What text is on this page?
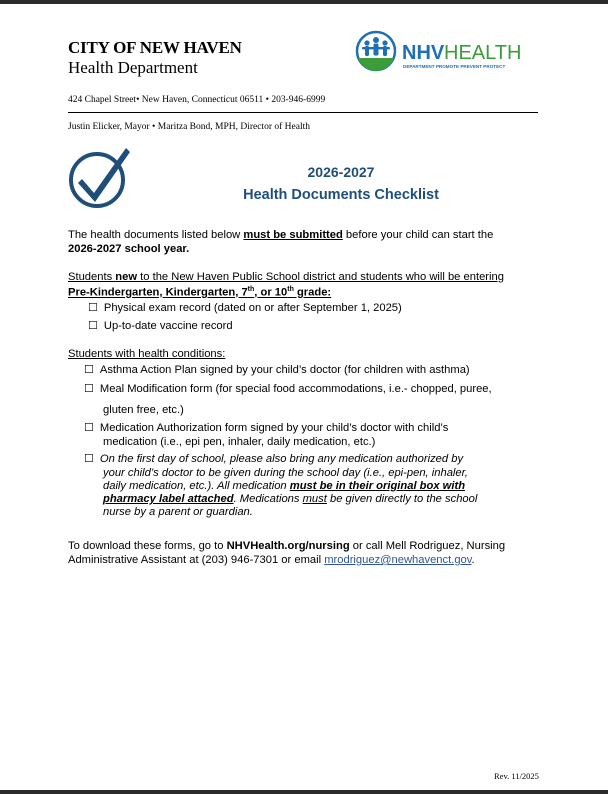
CITY OF NEW HAVEN
Health Department
NHV HEALTH
DEPARTMENT PROMOTE PREVENT PROTECT
424 Chapel Street• New Haven, Connecticut 06511 • 203-946-6999
Justin Elicker, Mayor • Maritza Bond, MPH, Director of Health
2026-2027
Health Documents Checklist
The health documents listed below must be submitted before your child can start the
2026-2027 school year.
Students new to the New Haven Public School district and students who will be entering
Pre-Kindergarten, Kindergarten, 7th, or 10th grade:
☐ Physical exam record (dated on or after September 1, 2025)
☐ Up-to-date vaccine record
Students with health conditions:
☐ Asthma Action Plan signed by your child’s doctor (for children with asthma)
☐ Meal Modification form (for special food accommodations, i.e.- chopped, puree,
gluten free, etc.)
☐ Medication Authorization form signed by your child’s doctor with child’s
medication (i.e., epi pen, inhaler, daily medication, etc.)
☐ On the first day of school, please also bring any medication authorized by
your child’s doctor to be given during the school day (i.e., epi-pen, inhaler,
daily medication, etc.). All medication must be in their original box with
pharmacy label attached. Medications must be given directly to the school
nurse by a parent or guardian.
To download these forms, go to NHVHealth.org/nursing or call Mell Rodriguez, Nursing
Administrative Assistant at (203) 946-7301 or email mrodriguez@newhavenct.gov.
Rev. 11/2025
